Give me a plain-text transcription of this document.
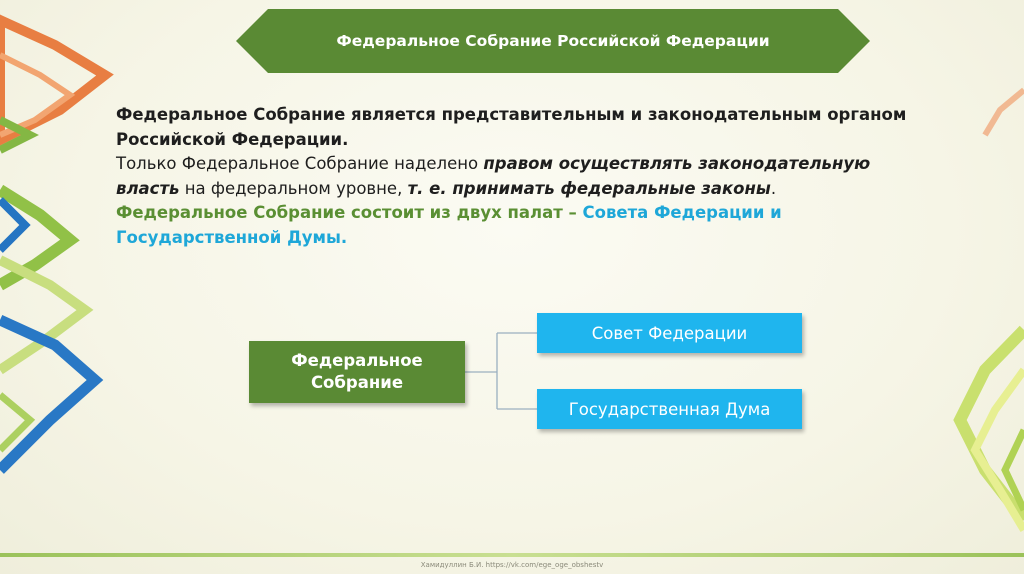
Федеральное Собрание Российской Федерации

Федеральное Собрание является представительным и законодательным органом Российской Федерации.

Только Федеральное Собрание наделено правом осуществлять законодательную власть на федеральном уровне, т. е. принимать федеральные законы.

Федеральное Собрание состоит из двух палат – Совета Федерации и Государственной Думы.

Федеральное Собрание
Совет Федерации
Государственная Дума
Хамидуллин Б.И. https://vk.com/ege_oge_obshestv
